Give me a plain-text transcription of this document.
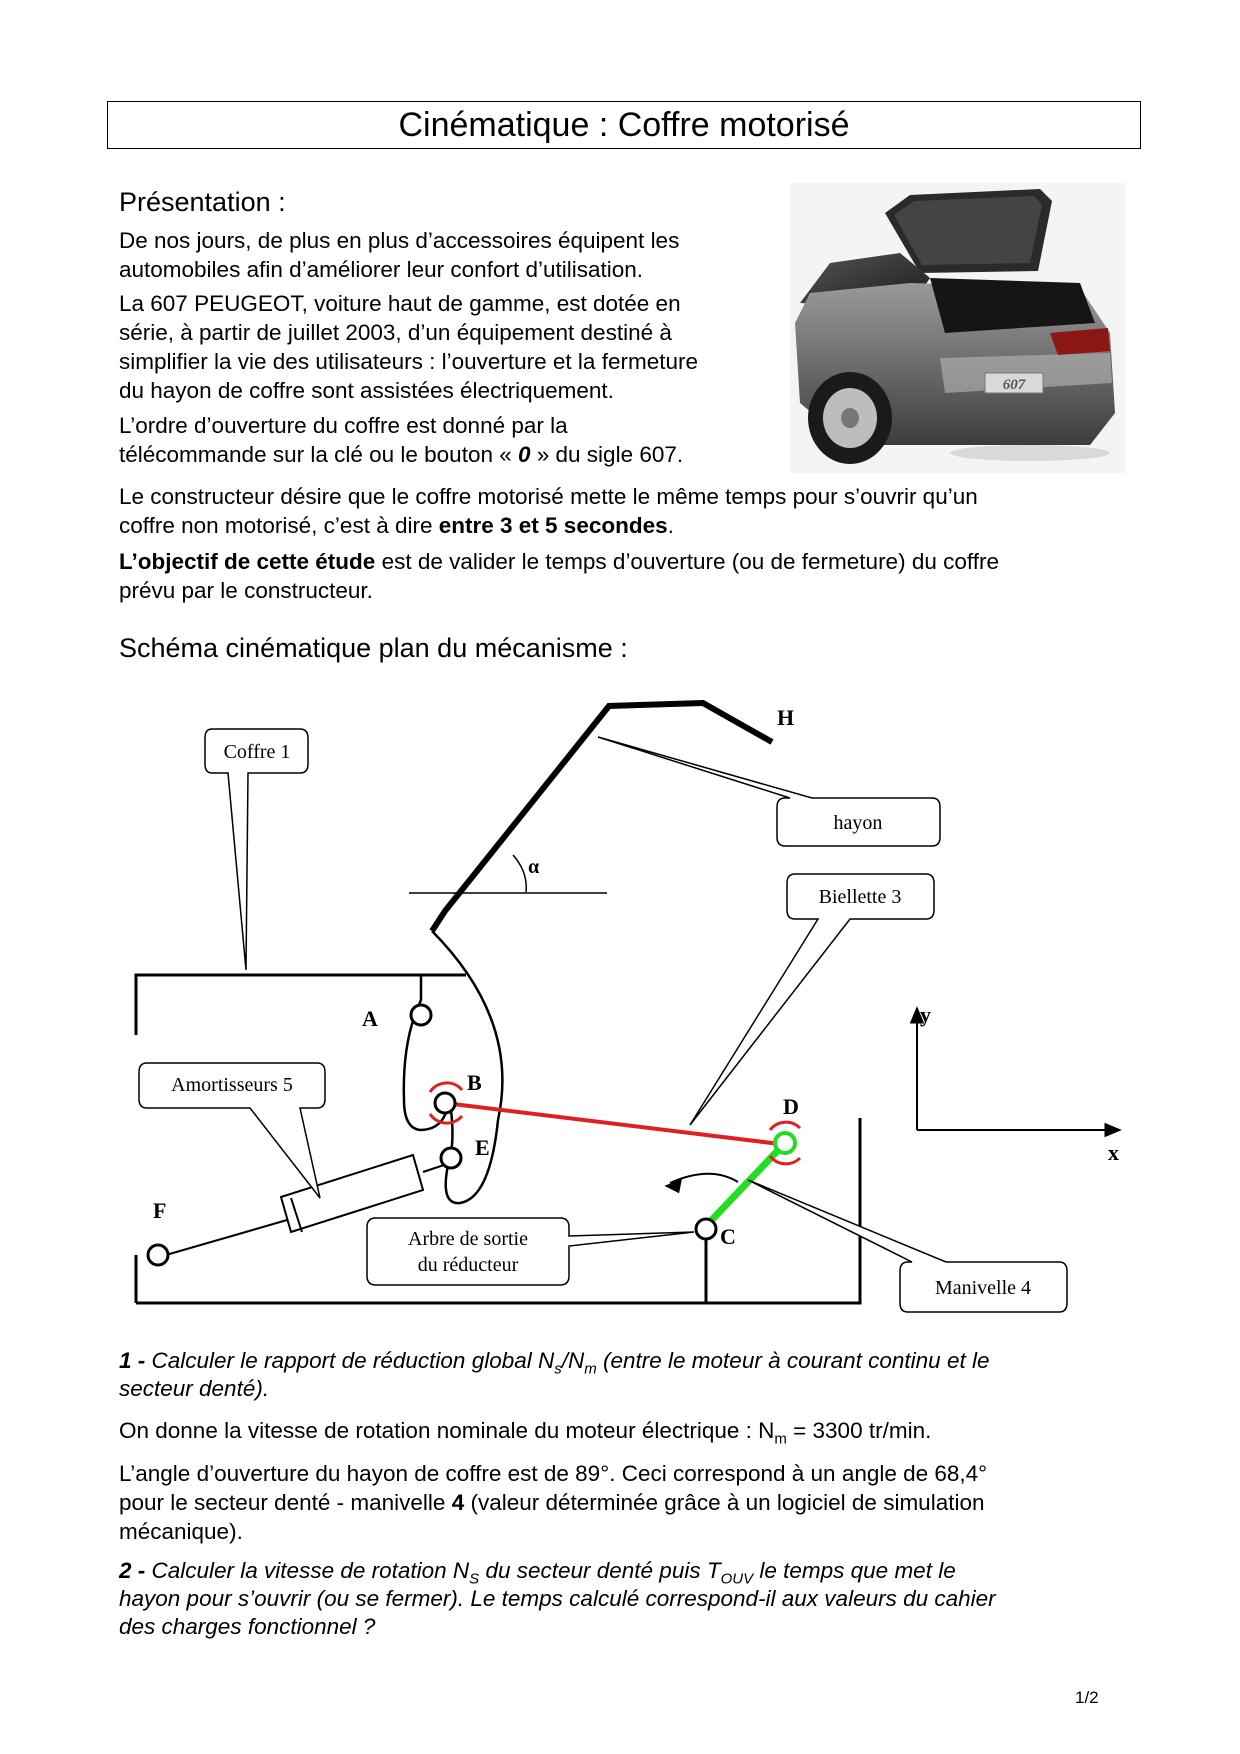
Cinématique : Coffre motorisé
Présentation :
De nos jours, de plus en plus d’accessoires équipent les
automobiles afin d’améliorer leur confort d’utilisation.
La 607 PEUGEOT, voiture haut de gamme, est dotée en
série, à partir de juillet 2003, d’un équipement destiné à
simplifier la vie des utilisateurs : l’ouverture et la fermeture
du hayon de coffre sont assistées électriquement.
L’ordre d’ouverture du coffre est donné par la
télécommande sur la clé ou le bouton « 0 » du sigle 607.
607
Le constructeur désire que le coffre motorisé mette le même temps pour s’ouvrir qu’un
coffre non motorisé, c’est à dire entre 3 et 5 secondes.
L’objectif de cette étude est de valider le temps d’ouverture (ou de fermeture) du coffre
prévu par le constructeur.
Schéma cinématique plan du mécanisme :
H
α
A
B
E
D
C
F
y
x
Coffre 1
hayon
Biellette 3
Amortisseurs 5
Arbre de sortie
du réducteur
Manivelle 4
1 - Calculer le rapport de réduction global $N_s/N_m$ (entre le moteur à courant continu et le
secteur denté).
On donne la vitesse de rotation nominale du moteur électrique : $N_m = 3300$ tr/min.
L’angle d’ouverture du hayon de coffre est de 89°. Ceci correspond à un angle de 68,4°
pour le secteur denté - manivelle 4 (valeur déterminée grâce à un logiciel de simulation
mécanique).
2 - Calculer la vitesse de rotation $N_S$ du secteur denté puis $T_{OUV}$ le temps que met le
hayon pour s’ouvrir (ou se fermer). Le temps calculé correspond-il aux valeurs du cahier
des charges fonctionnel ?
1/2
